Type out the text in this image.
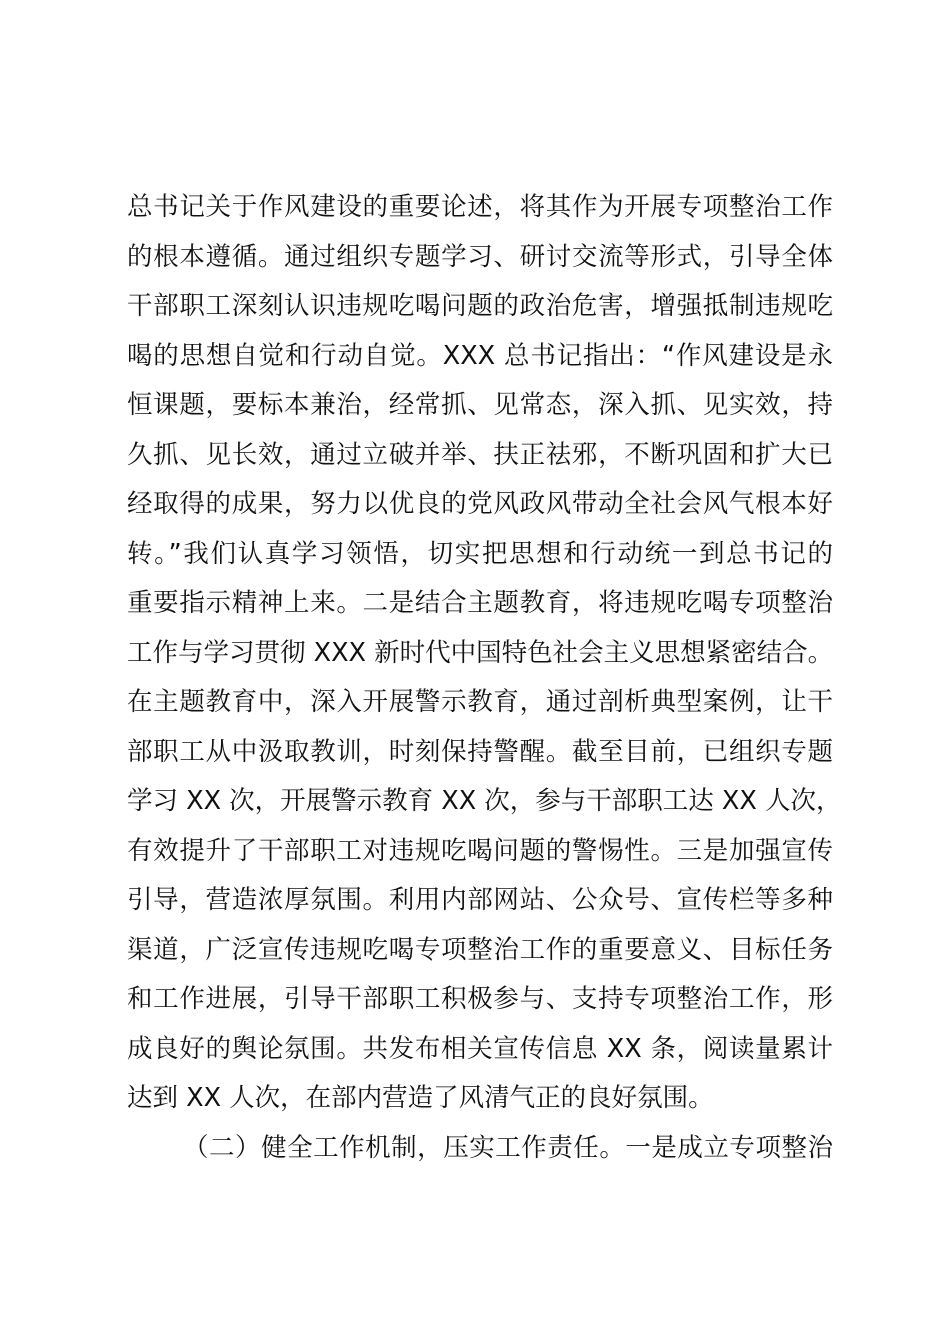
总书记关于作风建设的重要论述，将其作为开展专项整治工作
的根本遵循。通过组织专题学习、研讨交流等形式，引导全体
干部职工深刻认识违规吃喝问题的政治危害，增强抵制违规吃
喝的思想自觉和行动自觉。XXX 总书记指出：“作风建设是永
恒课题，要标本兼治，经常抓、见常态，深入抓、见实效，持
久抓、见长效，通过立破并举、扶正祛邪，不断巩固和扩大已
经取得的成果，努力以优良的党风政风带动全社会风气根本好
转。”我们认真学习领悟，切实把思想和行动统一到总书记的
重要指示精神上来。二是结合主题教育，将违规吃喝专项整治
工作与学习贯彻 XXX 新时代中国特色社会主义思想紧密结合。
在主题教育中，深入开展警示教育，通过剖析典型案例，让干
部职工从中汲取教训，时刻保持警醒。截至目前，已组织专题
学习 XX 次，开展警示教育 XX 次，参与干部职工达 XX 人次，
有效提升了干部职工对违规吃喝问题的警惕性。三是加强宣传
引导，营造浓厚氛围。利用内部网站、公众号、宣传栏等多种
渠道，广泛宣传违规吃喝专项整治工作的重要意义、目标任务
和工作进展，引导干部职工积极参与、支持专项整治工作，形
成良好的舆论氛围。共发布相关宣传信息 XX 条，阅读量累计
达到 XX 人次，在部内营造了风清气正的良好氛围。
（二）健全工作机制，压实工作责任。一是成立专项整治
